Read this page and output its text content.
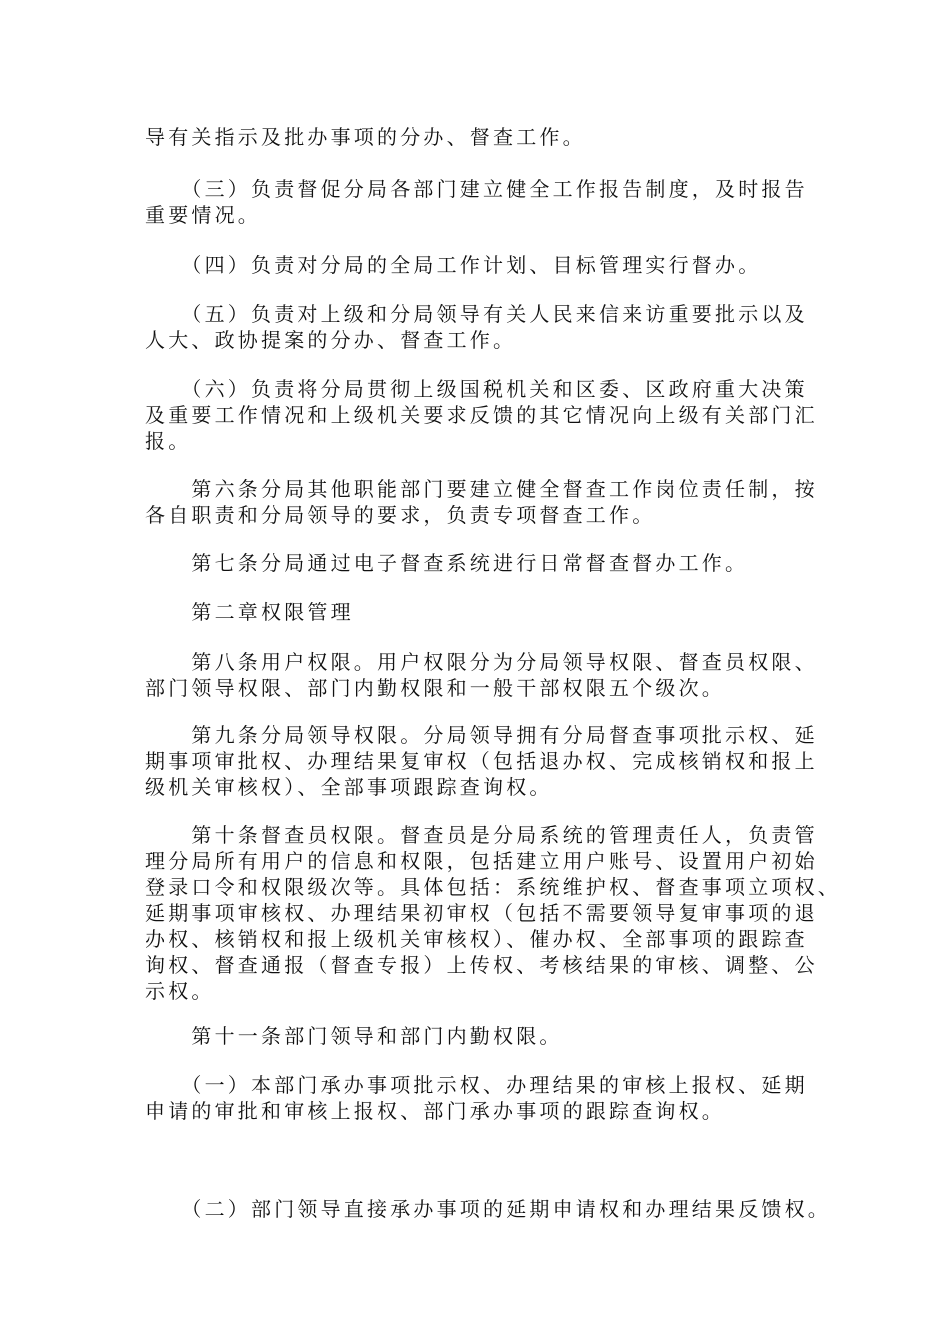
导有关指示及批办事项的分办、督查工作。
　　（三）负责督促分局各部门建立健全工作报告制度，及时报告
重要情况。
　　（四）负责对分局的全局工作计划、目标管理实行督办。
　　（五）负责对上级和分局领导有关人民来信来访重要批示以及
人大、政协提案的分办、督查工作。
　　（六）负责将分局贯彻上级国税机关和区委、区政府重大决策
及重要工作情况和上级机关要求反馈的其它情况向上级有关部门汇
报。
　　第六条分局其他职能部门要建立健全督查工作岗位责任制，按
各自职责和分局领导的要求，负责专项督查工作。
　　第七条分局通过电子督查系统进行日常督查督办工作。
　　第二章权限管理
　　第八条用户权限。用户权限分为分局领导权限、督查员权限、
部门领导权限、部门内勤权限和一般干部权限五个级次。
　　第九条分局领导权限。分局领导拥有分局督查事项批示权、延
期事项审批权、办理结果复审权（包括退办权、完成核销权和报上
级机关审核权）、全部事项跟踪查询权。
　　第十条督查员权限。督查员是分局系统的管理责任人，负责管
理分局所有用户的信息和权限，包括建立用户账号、设置用户初始
登录口令和权限级次等。具体包括：系统维护权、督查事项立项权、
延期事项审核权、办理结果初审权（包括不需要领导复审事项的退
办权、核销权和报上级机关审核权）、催办权、全部事项的跟踪查
询权、督查通报（督查专报）上传权、考核结果的审核、调整、公
示权。
　　第十一条部门领导和部门内勤权限。
　　（一）本部门承办事项批示权、办理结果的审核上报权、延期
申请的审批和审核上报权、部门承办事项的跟踪查询权。
　　（二）部门领导直接承办事项的延期申请权和办理结果反馈权。
